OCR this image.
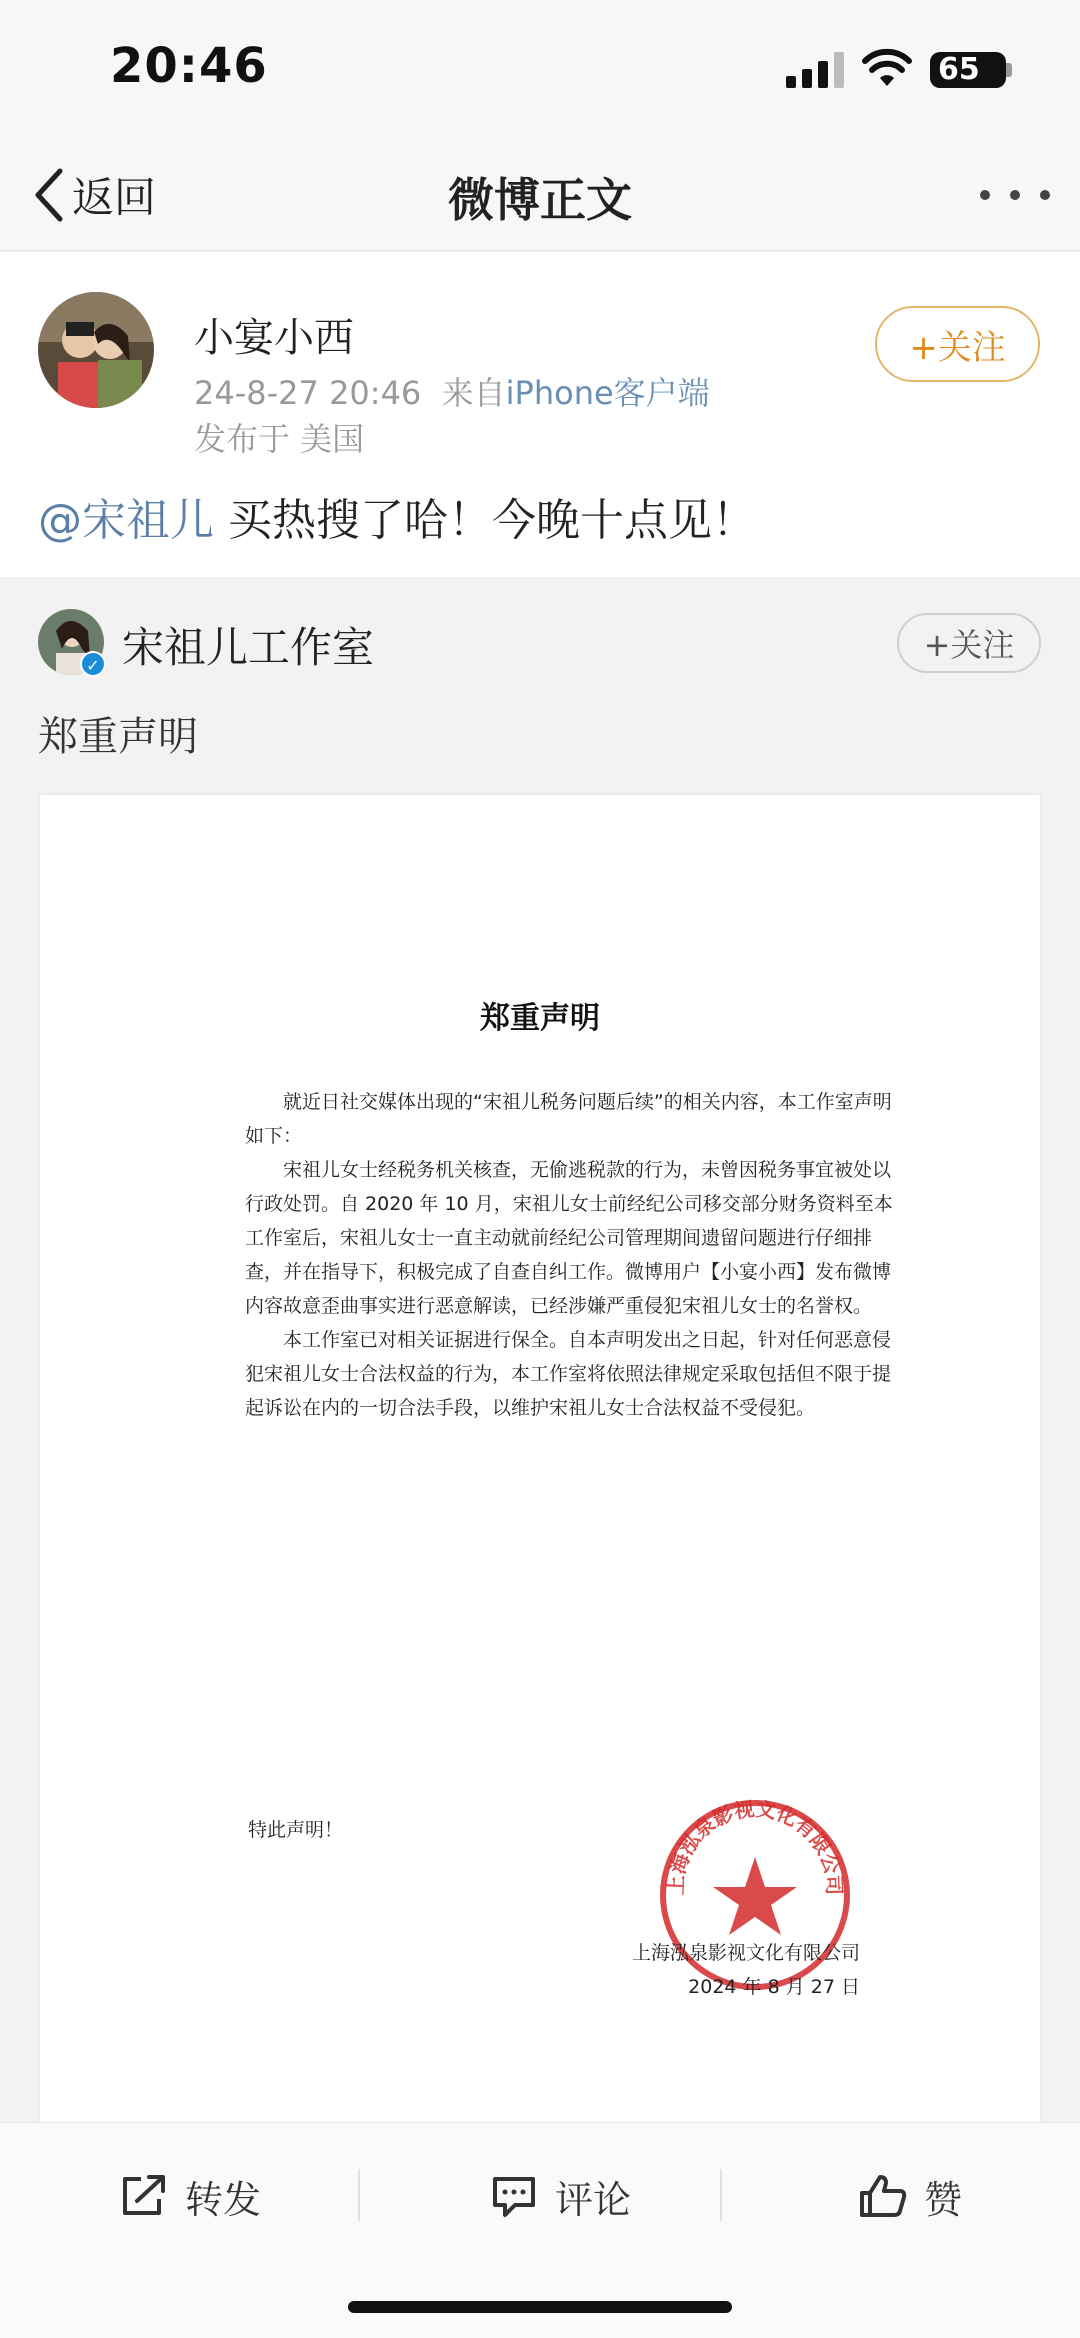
20:46	65
返回	微博正文
小宴小西
24-8-27 20:46 来自iPhone客户端
发布于 美国
+关注
@宋祖儿 买热搜了哈！今晚十点见！
✓ 宋祖儿工作室	+关注
郑重声明
郑重声明

就近日社交媒体出现的“宋祖儿税务问题后续”的相关内容，本工作室声明如下：

宋祖儿女士经税务机关核查，无偷逃税款的行为，未曾因税务事宜被处以行政处罚。自 2020 年 10 月，宋祖儿女士前经纪公司移交部分财务资料至本工作室后，宋祖儿女士一直主动就前经纪公司管理期间遗留问题进行仔细排查，并在指导下，积极完成了自查自纠工作。微博用户【小宴小西】发布微博内容故意歪曲事实进行恶意解读，已经涉嫌严重侵犯宋祖儿女士的名誉权。

本工作室已对相关证据进行保全。自本声明发出之日起，针对任何恶意侵犯宋祖儿女士合法权益的行为，本工作室将依照法律规定采取包括但不限于提起诉讼在内的一切合法手段，以维护宋祖儿女士合法权益不受侵犯。

特此声明！
上海泓泉影视文化有限公司
上海泓泉影视文化有限公司
2024 年 8 月 27 日
转发	评论	赞
